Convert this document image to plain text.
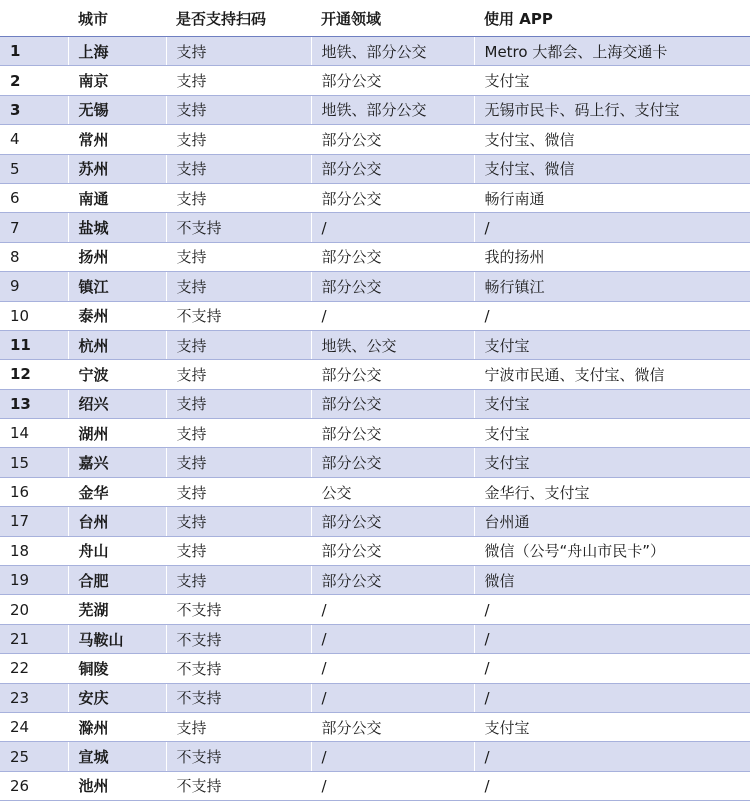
	城市	是否支持扫码	开通领域	使用 APP
1	上海	支持	地铁、部分公交	Metro 大都会、上海交通卡
2	南京	支持	部分公交	支付宝
3	无锡	支持	地铁、部分公交	无锡市民卡、码上行、支付宝
4	常州	支持	部分公交	支付宝、微信
5	苏州	支持	部分公交	支付宝、微信
6	南通	支持	部分公交	畅行南通
7	盐城	不支持	/	/
8	扬州	支持	部分公交	我的扬州
9	镇江	支持	部分公交	畅行镇江
10	泰州	不支持	/	/
11	杭州	支持	地铁、公交	支付宝
12	宁波	支持	部分公交	宁波市民通、支付宝、微信
13	绍兴	支持	部分公交	支付宝
14	湖州	支持	部分公交	支付宝
15	嘉兴	支持	部分公交	支付宝
16	金华	支持	公交	金华行、支付宝
17	台州	支持	部分公交	台州通
18	舟山	支持	部分公交	微信（公号“舟山市民卡”）
19	合肥	支持	部分公交	微信
20	芜湖	不支持	/	/
21	马鞍山	不支持	/	/
22	铜陵	不支持	/	/
23	安庆	不支持	/	/
24	滁州	支持	部分公交	支付宝
25	宣城	不支持	/	/
26	池州	不支持	/	/
